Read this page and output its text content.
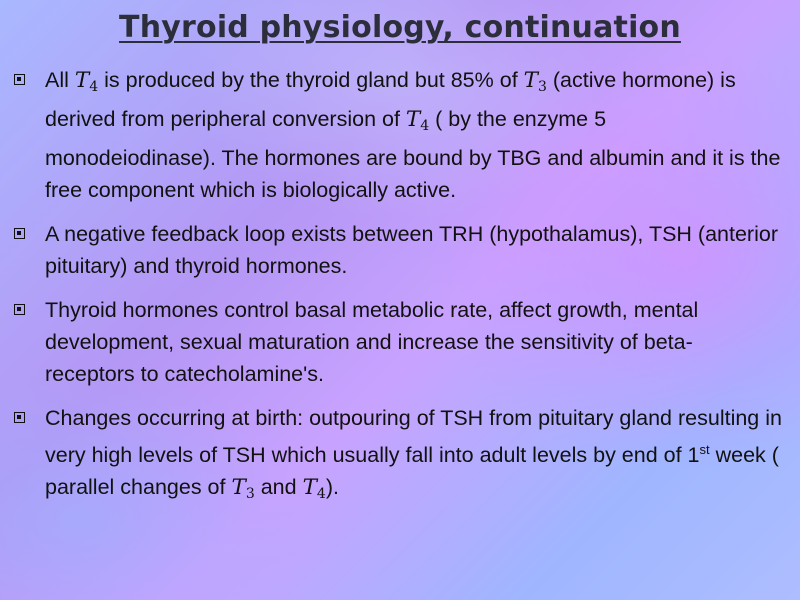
Thyroid physiology, continuation
All $T_4$ is produced by the thyroid gland but 85% of $T_3$ (active hormone) is derived from peripheral conversion of $T_4$ ( by the enzyme 5 monodeiodinase). The hormones are bound by TBG and albumin and it is the free component which is biologically active.
A negative feedback loop exists between TRH (hypothalamus), TSH (anterior pituitary) and thyroid hormones.
Thyroid hormones control basal metabolic rate, affect growth, mental development, sexual maturation and increase the sensitivity of beta-receptors to catecholamine's.
Changes occurring at birth: outpouring of TSH from pituitary gland resulting in very high levels of TSH which usually fall into adult levels by end of 1st week ( parallel changes of $T_3$ and $T_4$).
